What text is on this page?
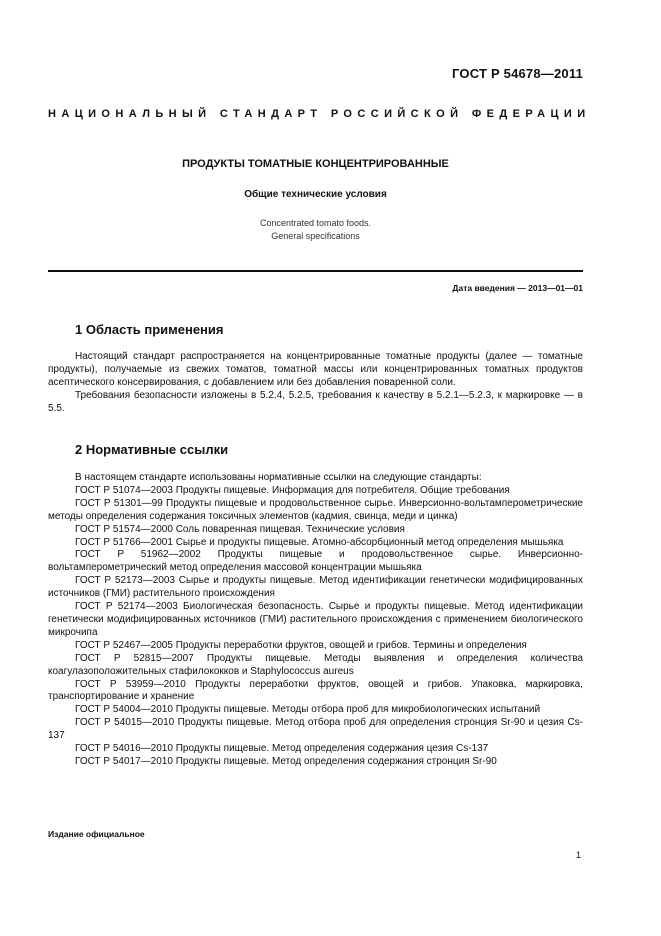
ГОСТ Р 54678—2011
НАЦИОНАЛЬНЫЙ СТАНДАРТ РОССИЙСКОЙ ФЕДЕРАЦИИ
ПРОДУКТЫ ТОМАТНЫЕ КОНЦЕНТРИРОВАННЫЕ
Общие технические условия
Concentrated tomato foods.
General specifications
Дата введения — 2013—01—01
1 Область применения

Настоящий стандарт распространяется на концентрированные томатные продукты (далее — томатные продукты), получаемые из свежих томатов, томатной массы или концентрированных томатных продуктов асептического консервирования, с добавлением или без добавления поваренной соли.

Требования безопасности изложены в 5.2.4, 5.2.5, требования к качеству в 5.2.1—5.2.3, к маркировке — в 5.5.

2 Нормативные ссылки

В настоящем стандарте использованы нормативные ссылки на следующие стандарты:

ГОСТ Р 51074—2003 Продукты пищевые. Информация для потребителя. Общие требования

ГОСТ Р 51301—99 Продукты пищевые и продовольственное сырье. Инверсионно-вольтамперометрические методы определения содержания токсичных элементов (кадмия, свинца, меди и цинка)

ГОСТ Р 51574—2000 Соль поваренная пищевая. Технические условия

ГОСТ Р 51766—2001 Сырье и продукты пищевые. Атомно-абсорбционный метод определения мышьяка

ГОСТ Р 51962—2002 Продукты пищевые и продовольственное сырье. Инверсионно-вольтамперометрический метод определения массовой концентрации мышьяка

ГОСТ Р 52173—2003 Сырье и продукты пищевые. Метод идентификации генетически модифицированных источников (ГМИ) растительного происхождения

ГОСТ Р 52174—2003 Биологическая безопасность. Сырье и продукты пищевые. Метод идентификации генетически модифицированных источников (ГМИ) растительного происхождения с применением биологического микрочипа

ГОСТ Р 52467—2005 Продукты переработки фруктов, овощей и грибов. Термины и определения

ГОСТ Р 52815—2007 Продукты пищевые. Методы выявления и определения количества коагулазоположительных стафилококков и Staphylococcus aureus

ГОСТ Р 53959—2010 Продукты переработки фруктов, овощей и грибов. Упаковка, маркировка, транспортирование и хранение

ГОСТ Р 54004—2010 Продукты пищевые. Методы отбора проб для микробиологических испытаний

ГОСТ Р 54015—2010 Продукты пищевые. Метод отбора проб для определения стронция Sr-90 и цезия Cs-137

ГОСТ Р 54016—2010 Продукты пищевые. Метод определения содержания цезия Cs-137

ГОСТ Р 54017—2010 Продукты пищевые. Метод определения содержания стронция Sr-90

Издание официальное
1
